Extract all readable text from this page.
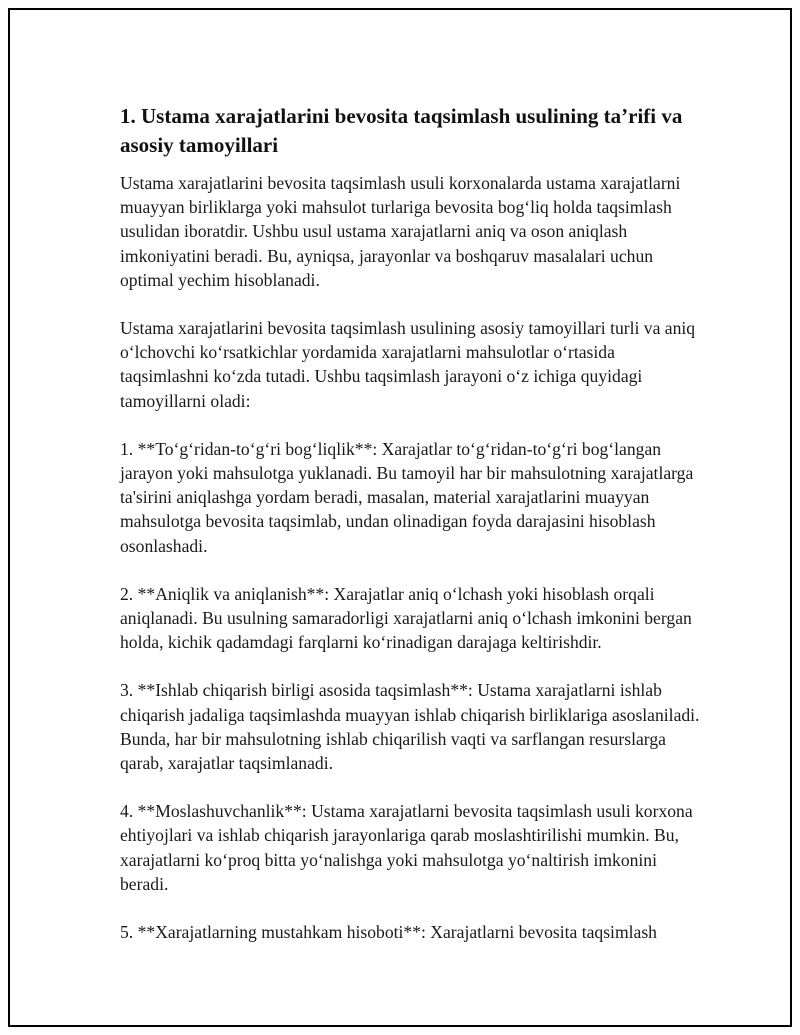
1. Ustama xarajatlarini bevosita taqsimlash usulining ta’rifi va asosiy tamoyillari

Ustama xarajatlarini bevosita taqsimlash usuli korxonalarda ustama xarajatlarni muayyan birliklarga yoki mahsulot turlariga bevosita bog‘liq holda taqsimlash usulidan iboratdir. Ushbu usul ustama xarajatlarni aniq va oson aniqlash imkoniyatini beradi. Bu, ayniqsa, jarayonlar va boshqaruv masalalari uchun optimal yechim hisoblanadi.

Ustama xarajatlarini bevosita taqsimlash usulining asosiy tamoyillari turli va aniq o‘lchovchi ko‘rsatkichlar yordamida xarajatlarni mahsulotlar o‘rtasida taqsimlashni ko‘zda tutadi. Ushbu taqsimlash jarayoni o‘z ichiga quyidagi tamoyillarni oladi:

1. **To‘g‘ridan-to‘g‘ri bog‘liqlik**: Xarajatlar to‘g‘ridan-to‘g‘ri bog‘langan jarayon yoki mahsulotga yuklanadi. Bu tamoyil har bir mahsulotning xarajatlarga ta'sirini aniqlashga yordam beradi, masalan, material xarajatlarini muayyan mahsulotga bevosita taqsimlab, undan olinadigan foyda darajasini hisoblash osonlashadi.

2. **Aniqlik va aniqlanish**: Xarajatlar aniq o‘lchash yoki hisoblash orqali aniqlanadi. Bu usulning samaradorligi xarajatlarni aniq o‘lchash imkonini bergan holda, kichik qadamdagi farqlarni ko‘rinadigan darajaga keltirishdir.

3. **Ishlab chiqarish birligi asosida taqsimlash**: Ustama xarajatlarni ishlab chiqarish jadaliga taqsimlashda muayyan ishlab chiqarish birliklariga asoslaniladi. Bunda, har bir mahsulotning ishlab chiqarilish vaqti va sarflangan resurslarga qarab, xarajatlar taqsimlanadi.

4. **Moslashuvchanlik**: Ustama xarajatlarni bevosita taqsimlash usuli korxona ehtiyojlari va ishlab chiqarish jarayonlariga qarab moslashtirilishi mumkin. Bu, xarajatlarni ko‘proq bitta yo‘nalishga yoki mahsulotga yo‘naltirish imkonini beradi.

5. **Xarajatlarning mustahkam hisoboti**: Xarajatlarni bevosita taqsimlash
